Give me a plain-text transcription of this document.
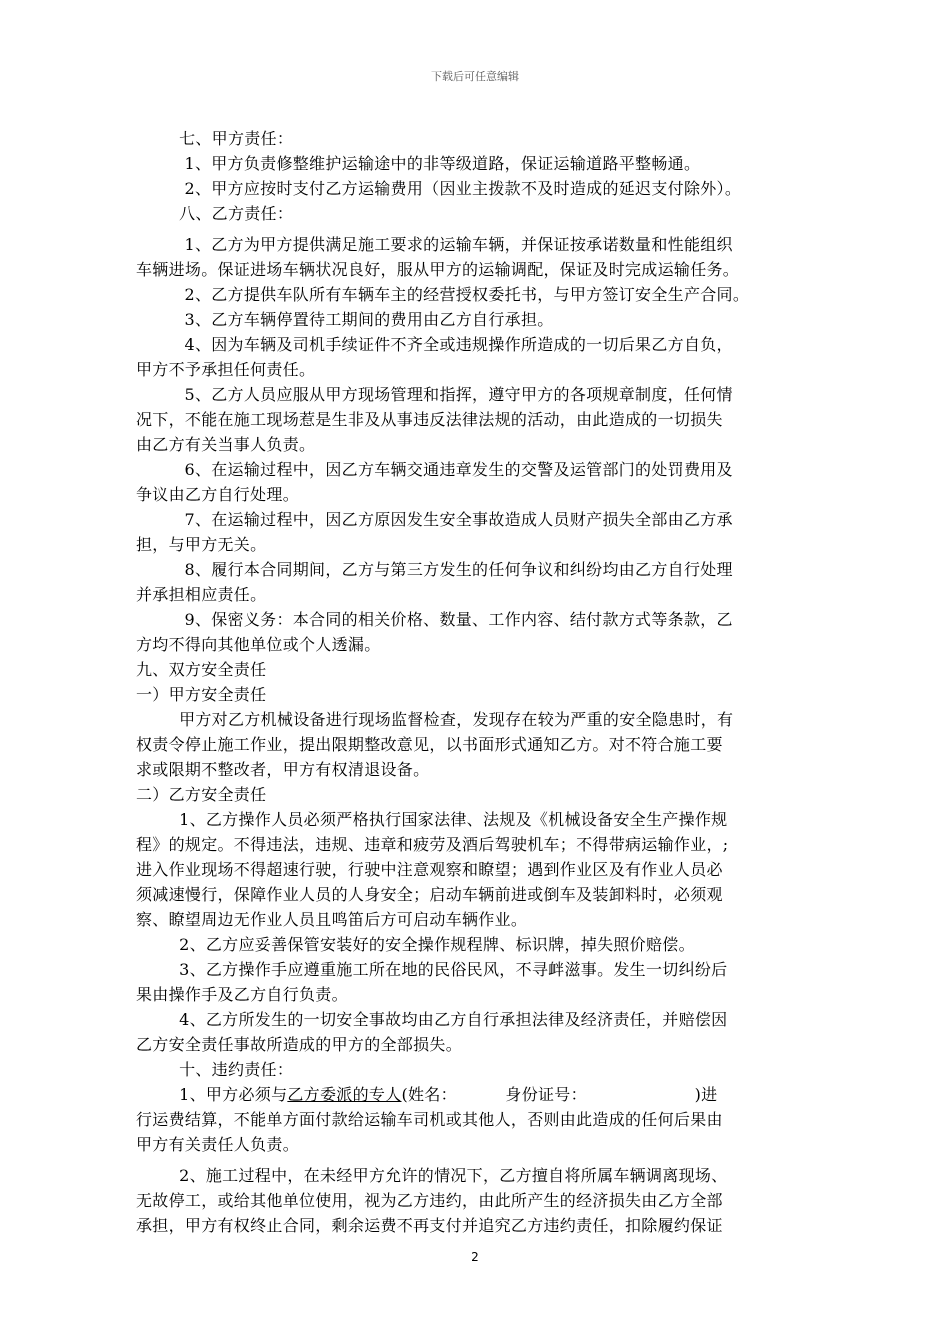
下载后可任意编辑

七、甲方责任：

1、甲方负责修整维护运输途中的非等级道路，保证运输道路平整畅通。

2、甲方应按时支付乙方运输费用（因业主拨款不及时造成的延迟支付除外）。

八、乙方责任：

1、乙方为甲方提供满足施工要求的运输车辆，并保证按承诺数量和性能组织

车辆进场。保证进场车辆状况良好，服从甲方的运输调配，保证及时完成运输任务。

2、乙方提供车队所有车辆车主的经营授权委托书，与甲方签订安全生产合同。

3、乙方车辆停置待工期间的费用由乙方自行承担。

4、因为车辆及司机手续证件不齐全或违规操作所造成的一切后果乙方自负，

甲方不予承担任何责任。

5、乙方人员应服从甲方现场管理和指挥，遵守甲方的各项规章制度，任何情

况下，不能在施工现场惹是生非及从事违反法律法规的活动，由此造成的一切损失

由乙方有关当事人负责。

6、在运输过程中，因乙方车辆交通违章发生的交警及运管部门的处罚费用及

争议由乙方自行处理。

7、在运输过程中，因乙方原因发生安全事故造成人员财产损失全部由乙方承

担，与甲方无关。

8、履行本合同期间，乙方与第三方发生的任何争议和纠纷均由乙方自行处理

并承担相应责任。

9、保密义务：本合同的相关价格、数量、工作内容、结付款方式等条款，乙

方均不得向其他单位或个人透漏。

九、双方安全责任

一）甲方安全责任

甲方对乙方机械设备进行现场监督检查，发现存在较为严重的安全隐患时，有

权责令停止施工作业，提出限期整改意见，以书面形式通知乙方。对不符合施工要

求或限期不整改者，甲方有权清退设备。

二）乙方安全责任

1、乙方操作人员必须严格执行国家法律、法规及《机械设备安全生产操作规

程》的规定。不得违法，违规、违章和疲劳及酒后驾驶机车；不得带病运输作业，;

进入作业现场不得超速行驶，行驶中注意观察和瞭望；遇到作业区及有作业人员必

须减速慢行，保障作业人员的人身安全；启动车辆前进或倒车及装卸料时，必须观

察、瞭望周边无作业人员且鸣笛后方可启动车辆作业。

2、乙方应妥善保管安装好的安全操作规程牌、标识牌，掉失照价赔偿。

3、乙方操作手应遵重施工所在地的民俗民风，不寻衅滋事。发生一切纠纷后

果由操作手及乙方自行负责。

4、乙方所发生的一切安全事故均由乙方自行承担法律及经济责任，并赔偿因

乙方安全责任事故所造成的甲方的全部损失。

十、违约责任：

1、甲方必须与乙方委派的专人(姓名：         身份证号：                    )进

行运费结算，不能单方面付款给运输车司机或其他人，否则由此造成的任何后果由

甲方有关责任人负责。

2、施工过程中，在未经甲方允许的情况下，乙方擅自将所属车辆调离现场、

无故停工，或给其他单位使用，视为乙方违约，由此所产生的经济损失由乙方全部

承担，甲方有权终止合同，剩余运费不再支付并追究乙方违约责任，扣除履约保证

2
